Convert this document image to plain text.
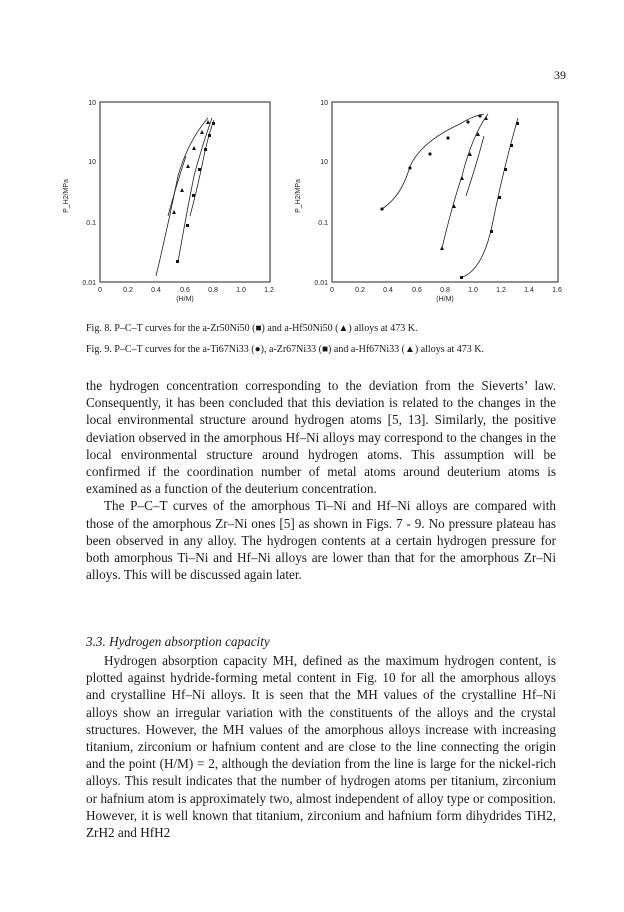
39
10
10
0.1
0.01
0	0.2	0.4	0.6	0.8	1.0	1.2
(H/M)
P_H2/MPa
10
10
0.1
0.01
0	0.2	0.4	0.6	0.8	1.0	1.2	1.4	1.6
(H/M)
P_H2/MPa
Fig. 8. P–C–T curves for the a-Zr50Ni50 (■) and a-Hf50Ni50 (▲) alloys at 473 K.
Fig. 9. P–C–T curves for the a-Ti67Ni33 (●), a-Zr67Ni33 (■) and a-Hf67Ni33 (▲) alloys at 473 K.

the hydrogen concentration corresponding to the deviation from the Sieverts’ law. Consequently, it has been concluded that this deviation is related to the changes in the local environmental structure around hydrogen atoms [5, 13]. Similarly, the positive deviation observed in the amorphous Hf–Ni alloys may correspond to the changes in the local environmental structure around hydrogen atoms. This assumption will be confirmed if the coordination number of metal atoms around deuterium atoms is examined as a function of the deuterium concentration.

The P–C–T curves of the amorphous Ti–Ni and Hf–Ni alloys are compared with those of the amorphous Zr–Ni ones [5] as shown in Figs. 7 - 9. No pressure plateau has been observed in any alloy. The hydrogen contents at a certain hydrogen pressure for both amorphous Ti–Ni and Hf–Ni alloys are lower than that for the amorphous Zr–Ni alloys. This will be discussed again later.

3.3. Hydrogen absorption capacity

Hydrogen absorption capacity MH, defined as the maximum hydrogen content, is plotted against hydride-forming metal content in Fig. 10 for all the amorphous alloys and crystalline Hf–Ni alloys. It is seen that the MH values of the crystalline Hf–Ni alloys show an irregular variation with the constituents of the alloys and the crystal structures. However, the MH values of the amorphous alloys increase with increasing titanium, zirconium or hafnium content and are close to the line connecting the origin and the point (H/M) = 2, although the deviation from the line is large for the nickel-rich alloys. This result indicates that the number of hydrogen atoms per titanium, zirconium or hafnium atom is approximately two, almost independent of alloy type or composition. However, it is well known that titanium, zirconium and hafnium form dihydrides TiH2, ZrH2 and HfH2
